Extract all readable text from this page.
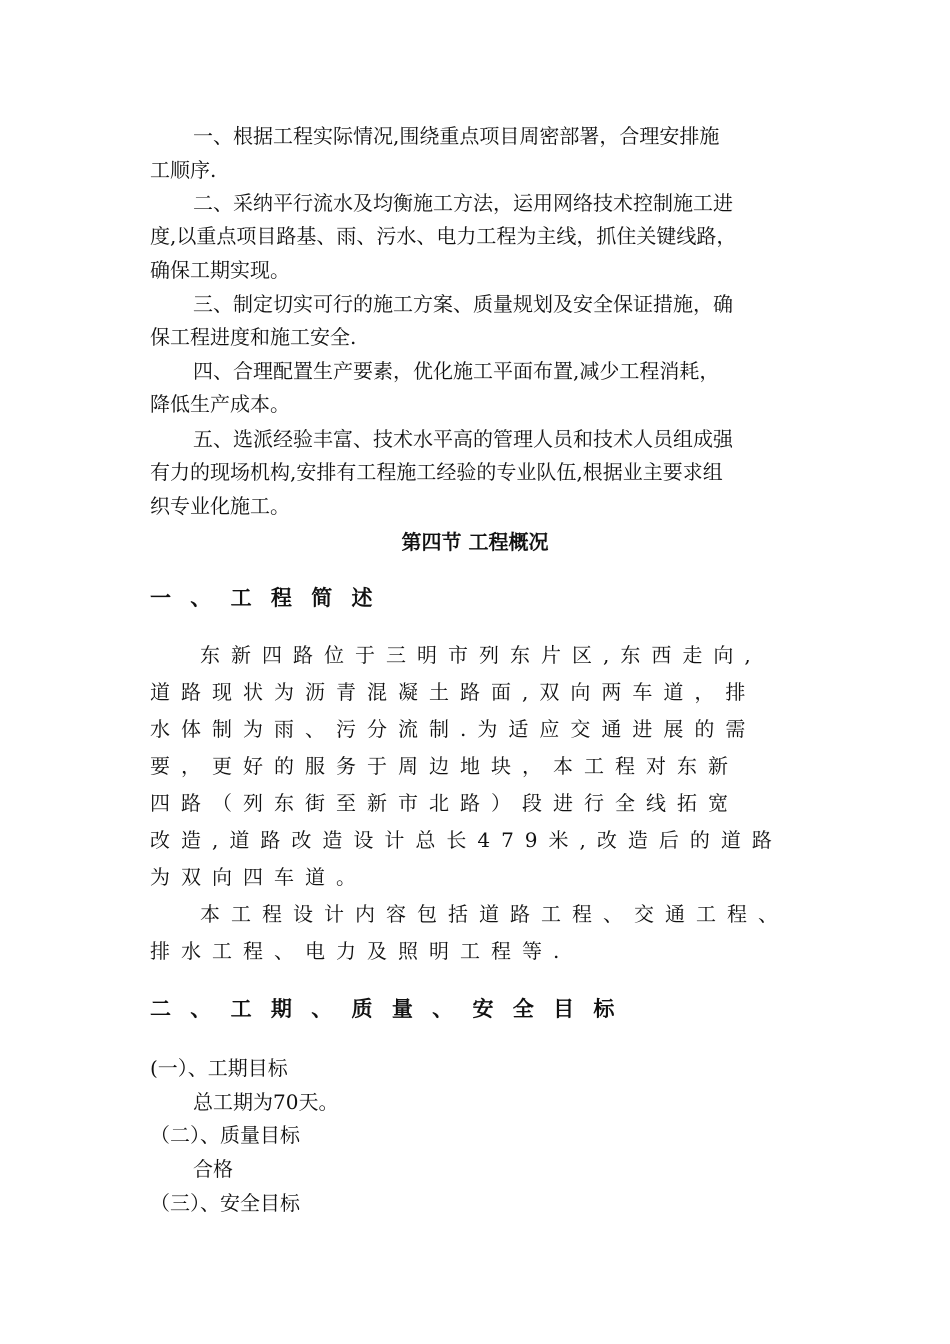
一、根据工程实际情况,围绕重点项目周密部署，合理安排施
工顺序.
二、采纳平行流水及均衡施工方法，运用网络技术控制施工进
度,以重点项目路基、雨、污水、电力工程为主线，抓住关键线路，
确保工期实现。
三、制定切实可行的施工方案、质量规划及安全保证措施，确
保工程进度和施工安全.
四、合理配置生产要素，优化施工平面布置,减少工程消耗，
降低生产成本。
五、选派经验丰富、技术水平高的管理人员和技术人员组成强
有力的现场机构,安排有工程施工经验的专业队伍,根据业主要求组
织专业化施工。
第四节 工程概况
一 、 工 程 简 述
东新四路位于三明市列东片区,东西走向,
道路现状为沥青混凝土路面,双向两车道，排
水体制为雨、污分流制.为适应交通进展的需
要，更好的服务于周边地块，本工程对东新
四路（列东街至新市北路）段进行全线拓宽
改造,道路改造设计总长479米,改造后的道路
为双向四车道。
本工程设计内容包括道路工程、交通工程、
排水工程、电力及照明工程等.
二 、 工 期 、 质 量 、 安 全 目 标
(一）、工期目标
总工期为70天。
（二）、质量目标
合格
（三）、安全目标
